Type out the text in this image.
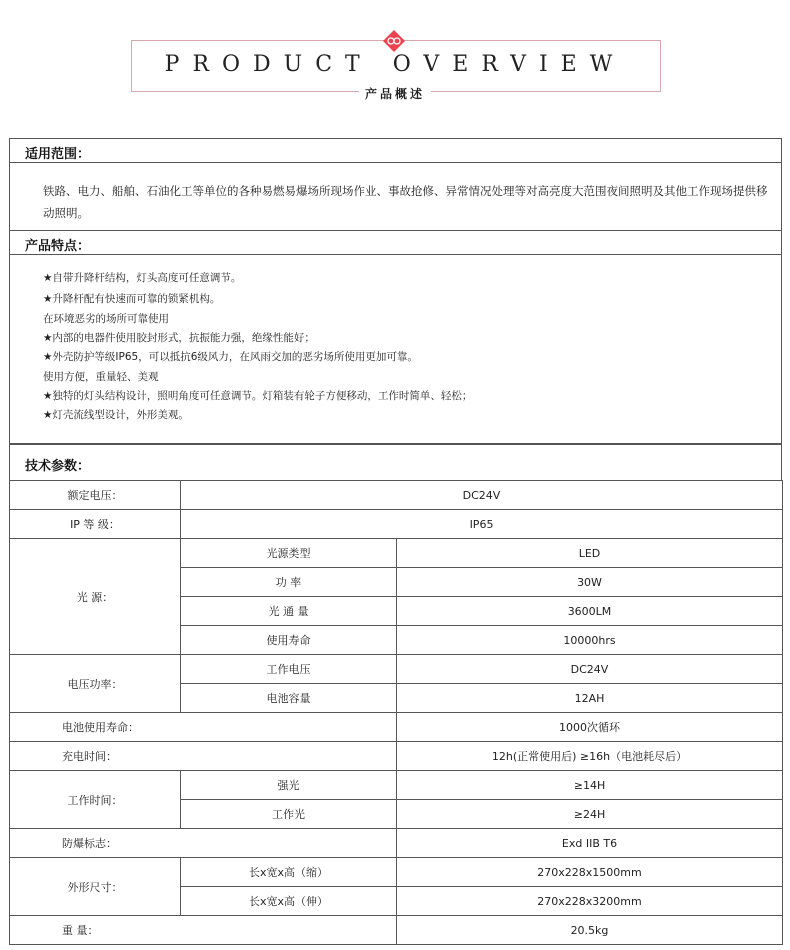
PRODUCT OVERVIEW
产品概述
适用范围：
铁路、电力、船舶、石油化工等单位的各种易燃易爆场所现场作业、事故抢修、异常情况处理等对高亮度大范围夜间照明及其他工作现场提供移动照明。
产品特点：
★自带升降杆结构，灯头高度可任意调节。
★升降杆配有快速而可靠的锁紧机构。
在环境恶劣的场所可靠使用
★内部的电器件使用胶封形式，抗振能力强，绝缘性能好；
★外壳防护等级IP65，可以抵抗6级风力，在风雨交加的恶劣场所使用更加可靠。
使用方便，重量轻、美观
★独特的灯头结构设计，照明角度可任意调节。灯箱装有轮子方便移动，工作时简单、轻松；
★灯壳流线型设计，外形美观。
技术参数：
额定电压：	DC24V	
IP 等 级：	IP65	
光 源：	光源类型	LED
	功 率	30W
	光 通 量	3600LM
	使用寿命	10000hrs
电压功率：	工作电压	DC24V
	电池容量	12AH
电池使用寿命：		1000次循环
充电时间：		12h(正常使用后) ≥16h（电池耗尽后）
工作时间：	强光	≥14H
	工作光	≥24H
防爆标志：		Exd IIB T6
外形尺寸：	长x宽x高（缩）	270x228x1500mm
	长x宽x高（伸）	270x228x3200mm
重 量：		20.5kg
